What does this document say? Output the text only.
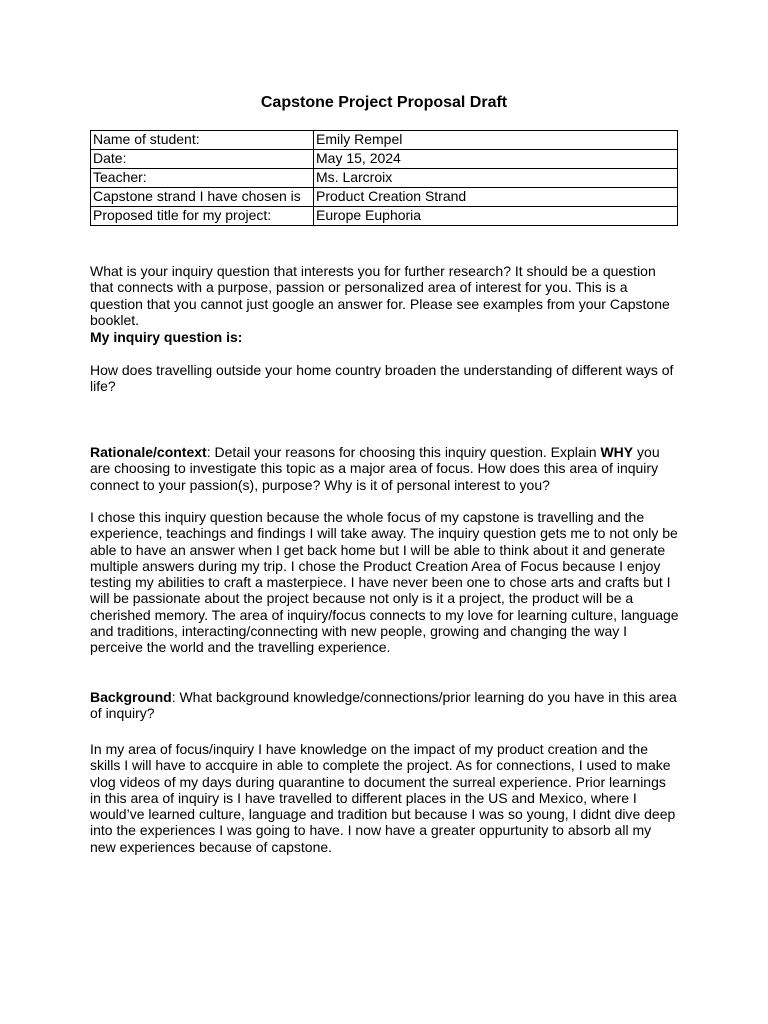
Capstone Project Proposal Draft
Name of student:	Emily Rempel
Date:	May 15, 2024
Teacher:	Ms. Larcroix
Capstone strand I have chosen is	Product Creation Strand
Proposed title for my project:	Europe Euphoria

What is your inquiry question that interests you for further research? It should be a question that connects with a purpose, passion or personalized area of interest for you. This is a question that you cannot just google an answer for. Please see examples from your Capstone booklet.

My inquiry question is:

How does travelling outside your home country broaden the understanding of different ways of life?

Rationale/context: Detail your reasons for choosing this inquiry question. Explain WHY you are choosing to investigate this topic as a major area of focus. How does this area of inquiry connect to your passion(s), purpose? Why is it of personal interest to you?

I chose this inquiry question because the whole focus of my capstone is travelling and the experience, teachings and findings I will take away. The inquiry question gets me to not only be able to have an answer when I get back home but I will be able to think about it and generate multiple answers during my trip. I chose the Product Creation Area of Focus because I enjoy testing my abilities to craft a masterpiece. I have never been one to chose arts and crafts but I will be passionate about the project because not only is it a project, the product will be a cherished memory. The area of inquiry/focus connects to my love for learning culture, language and traditions, interacting/connecting with new people, growing and changing the way I perceive the world and the travelling experience.

Background: What background knowledge/connections/prior learning do you have in this area of inquiry?

In my area of focus/inquiry I have knowledge on the impact of my product creation and the skills I will have to accquire in able to complete the project. As for connections, I used to make vlog videos of my days during quarantine to document the surreal experience. Prior learnings in this area of inquiry is I have travelled to different places in the US and Mexico, where I would’ve learned culture, language and tradition but because I was so young, I didnt dive deep into the experiences I was going to have. I now have a greater oppurtunity to absorb all my new experiences because of capstone.
